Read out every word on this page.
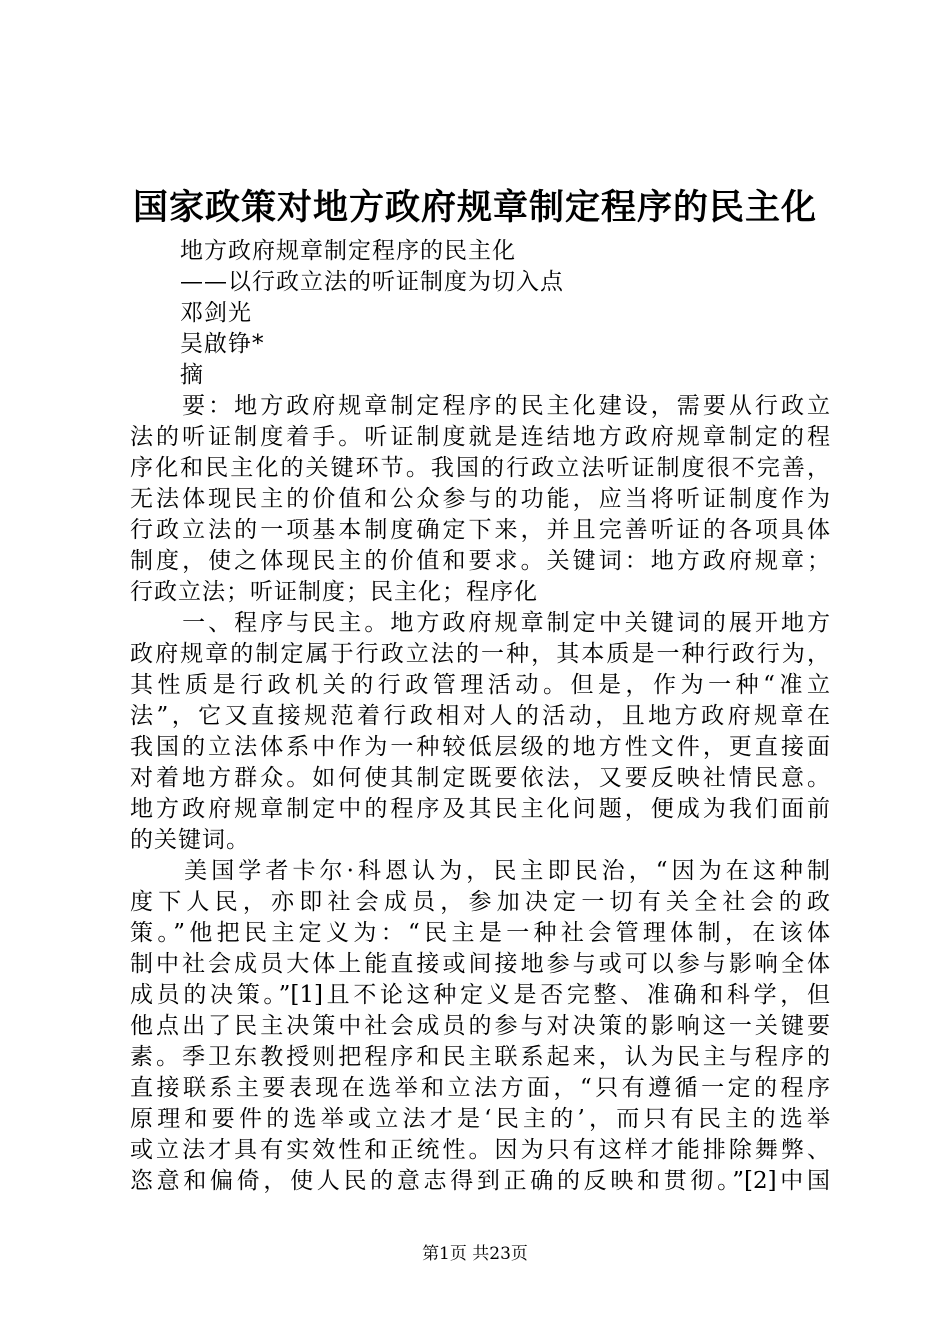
国家政策对地方政府规章制定程序的民主化
地方政府规章制定程序的民主化
——以行政立法的听证制度为切入点
邓剑光
吴啟铮*
摘
　　要：地方政府规章制定程序的民主化建设，需要从行政立
法的听证制度着手。听证制度就是连结地方政府规章制定的程
序化和民主化的关键环节。我国的行政立法听证制度很不完善，
无法体现民主的价值和公众参与的功能，应当将听证制度作为
行政立法的一项基本制度确定下来，并且完善听证的各项具体
制度，使之体现民主的价值和要求。关键词：地方政府规章；
行政立法；听证制度；民主化；程序化
　　一、程序与民主。地方政府规章制定中关键词的展开地方
政府规章的制定属于行政立法的一种，其本质是一种行政行为，
其性质是行政机关的行政管理活动。但是，作为一种“准立
法”，它又直接规范着行政相对人的活动，且地方政府规章在
我国的立法体系中作为一种较低层级的地方性文件，更直接面
对着地方群众。如何使其制定既要依法，又要反映社情民意。
地方政府规章制定中的程序及其民主化问题，便成为我们面前
的关键词。
　　美国学者卡尔·科恩认为，民主即民治，“因为在这种制
度下人民，亦即社会成员，参加决定一切有关全社会的政
策。”他把民主定义为：“民主是一种社会管理体制，在该体
制中社会成员大体上能直接或间接地参与或可以参与影响全体
成员的决策。”[1]且不论这种定义是否完整、准确和科学，但
他点出了民主决策中社会成员的参与对决策的影响这一关键要
素。季卫东教授则把程序和民主联系起来，认为民主与程序的
直接联系主要表现在选举和立法方面，“只有遵循一定的程序
原理和要件的选举或立法才是‘民主的’，而只有民主的选举
或立法才具有实效性和正统性。因为只有这样才能排除舞弊、
恣意和偏倚，使人民的意志得到正确的反映和贯彻。”[2]中国
第1页 共23页
